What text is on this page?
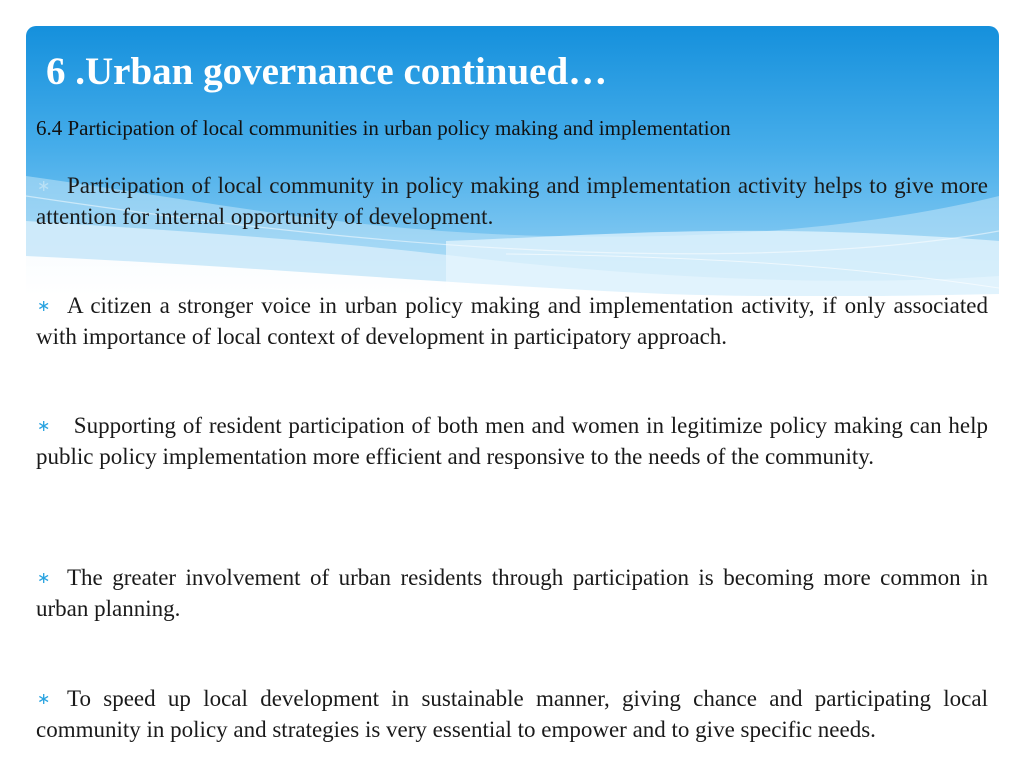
6 .Urban governance continued…

6.4 Participation of local communities in urban policy making and implementation

∗ Participation of local community in policy making and implementation activity helps to give more attention for internal opportunity of development.
∗ A citizen a stronger voice in urban policy making and implementation activity, if only associated with importance of local context of development in participatory approach.
∗ Supporting of resident participation of both men and women in legitimize policy making can help public policy implementation more efficient and responsive to the needs of the community.
∗ The greater involvement of urban residents through participation is becoming more common in urban planning.
∗ To speed up local development in sustainable manner, giving chance and participating local community in policy and strategies is very essential to empower and to give specific needs.
